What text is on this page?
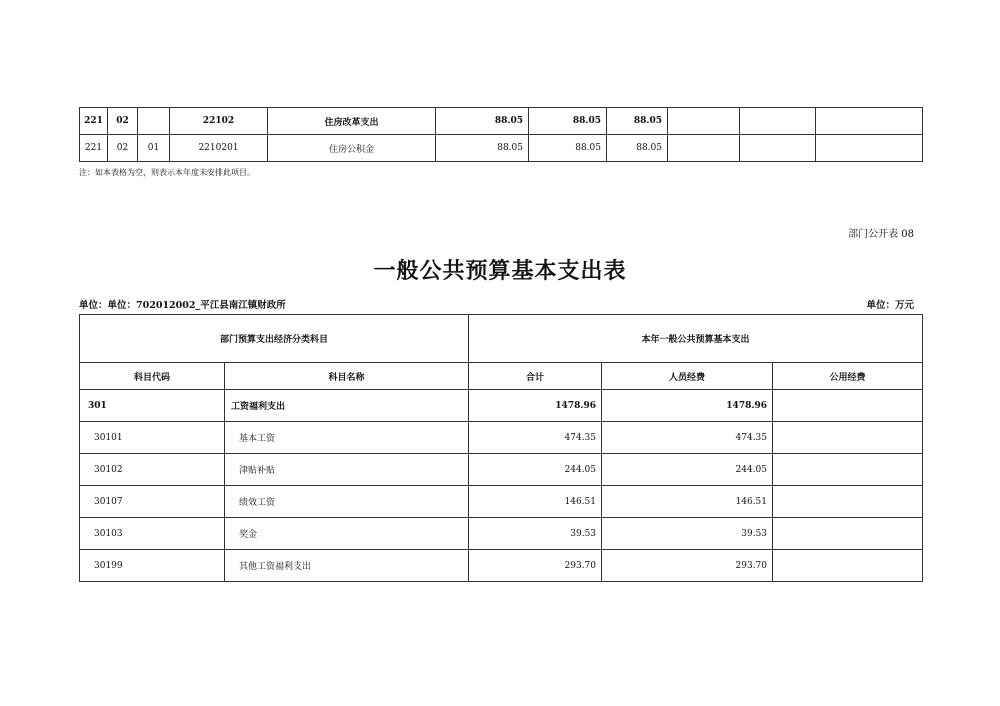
221	02		22102	住房改革支出	88.05	88.05	88.05			
221	02	01	2210201	住房公积金	88.05	88.05	88.05			
注：如本表格为空，则表示本年度未安排此项目。
部门公开表 08
一般公共预算基本支出表
单位：单位：702012002_平江县南江镇财政所	单位：万元
部门预算支出经济分类科目		本年一般公共预算基本支出		
科目代码	科目名称	合计	人员经费	公用经费
301	工资福利支出	1478.96	1478.96	
30101	基本工资	474.35	474.35	
30102	津贴补贴	244.05	244.05	
30107	绩效工资	146.51	146.51	
30103	奖金	39.53	39.53	
30199	其他工资福利支出	293.70	293.70	
